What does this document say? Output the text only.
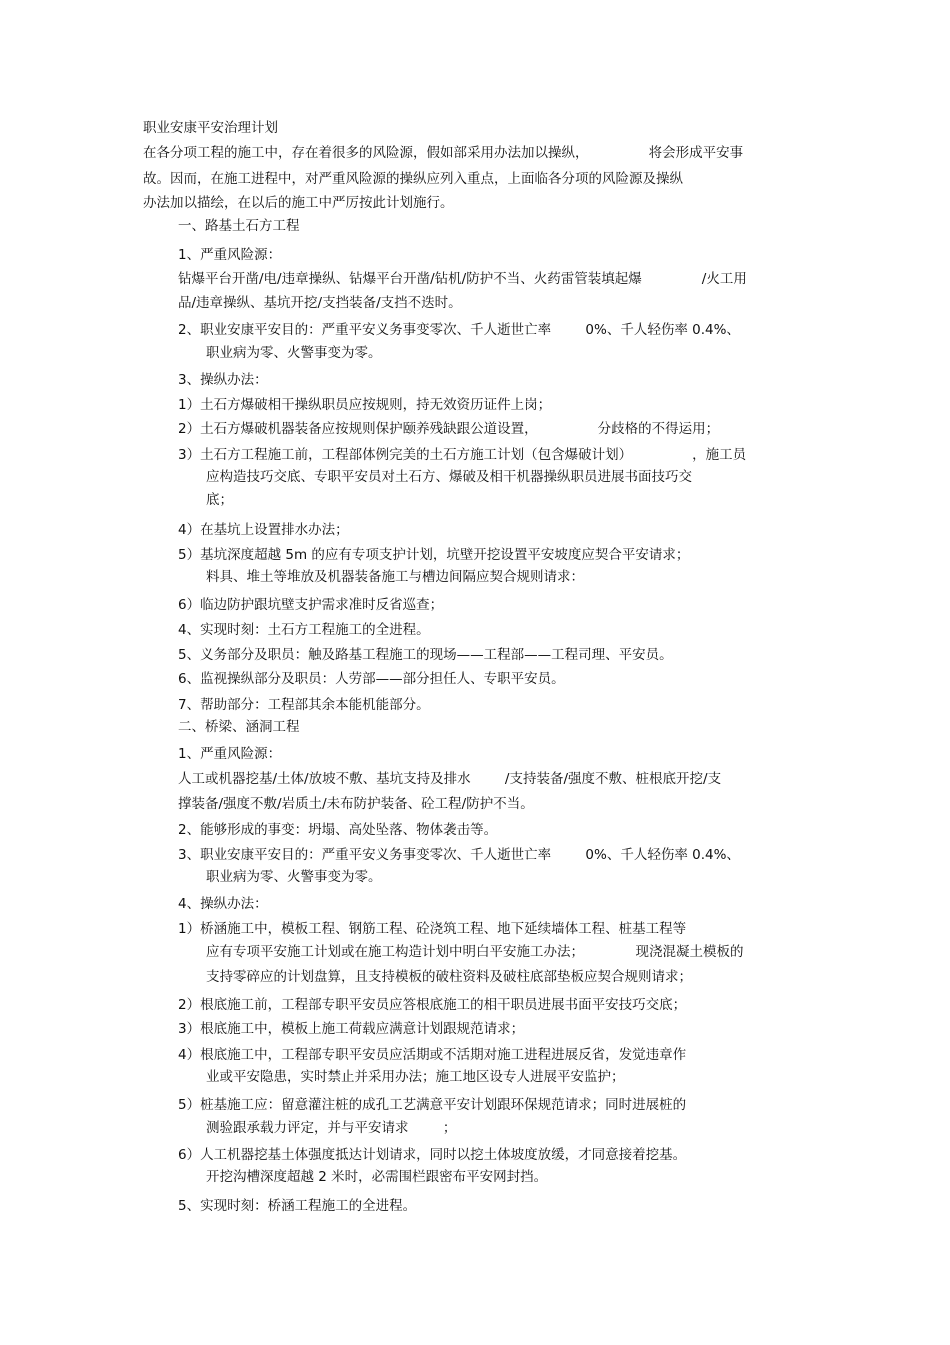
职业安康平安治理计划
在各分项工程的施工中，存在着很多的风险源，假如部采用办法加以操纵，              将会形成平安事
故。因而，在施工进程中，对严重风险源的操纵应列入重点，上面临各分项的风险源及操纵
办法加以描绘，在以后的施工中严厉按此计划施行。
一、路基土石方工程
1、严重风险源：
钻爆平台开凿/电/违章操纵、钻爆平台开凿/钻机/防护不当、火药雷管装填起爆              /火工用
品/违章操纵、基坑开挖/支挡装备/支挡不迭时。
2、职业安康平安目的：严重平安义务事变零次、千人逝世亡率        0%、千人轻伤率 0.4%、
职业病为零、火警事变为零。
3、操纵办法：
1）土石方爆破相干操纵职员应按规则，持无效资历证件上岗；
2）土石方爆破机器装备应按规则保护颐养残缺跟公道设置，              分歧格的不得运用；
3）土石方工程施工前，工程部体例完美的土石方施工计划（包含爆破计划）              ，施工员
应构造技巧交底、专职平安员对土石方、爆破及相干机器操纵职员进展书面技巧交
底；
4）在基坑上设置排水办法；
5）基坑深度超越 5m 的应有专项支护计划，坑壁开挖设置平安坡度应契合平安请求；
料具、堆土等堆放及机器装备施工与槽边间隔应契合规则请求：
6）临边防护跟坑壁支护需求准时反省巡查；
4、实现时刻：土石方工程施工的全进程。
5、义务部分及职员：触及路基工程施工的现场——工程部——工程司理、平安员。
6、监视操纵部分及职员：人劳部——部分担任人、专职平安员。
7、帮助部分：工程部其余本能机能部分。
二、桥梁、涵洞工程
1、严重风险源：
人工或机器挖基/土体/放坡不敷、基坑支持及排水        /支持装备/强度不敷、桩根底开挖/支
撑装备/强度不敷/岩质土/未布防护装备、砼工程/防护不当。
2、能够形成的事变：坍塌、高处坠落、物体袭击等。
3、职业安康平安目的：严重平安义务事变零次、千人逝世亡率        0%、千人轻伤率 0.4%、
职业病为零、火警事变为零。
4、操纵办法：
1）桥涵施工中，模板工程、钢筋工程、砼浇筑工程、地下延续墙体工程、桩基工程等
应有专项平安施工计划或在施工构造计划中明白平安施工办法；            现浇混凝土模板的
支持零碎应的计划盘算，且支持模板的破柱资料及破柱底部垫板应契合规则请求；
2）根底施工前，工程部专职平安员应答根底施工的相干职员进展书面平安技巧交底；
3）根底施工中，模板上施工荷载应满意计划跟规范请求；
4）根底施工中，工程部专职平安员应活期或不活期对施工进程进展反省，发觉违章作
业或平安隐患，实时禁止并采用办法；施工地区设专人进展平安监护；
5）桩基施工应：留意灌注桩的成孔工艺满意平安计划跟环保规范请求；同时进展桩的
测验跟承载力评定，并与平安请求        ；
6）人工机器挖基土体强度抵达计划请求，同时以挖土体坡度放缓，才同意接着挖基。
开挖沟槽深度超越 2 米时，必需围栏跟密布平安网封挡。
5、实现时刻：桥涵工程施工的全进程。
